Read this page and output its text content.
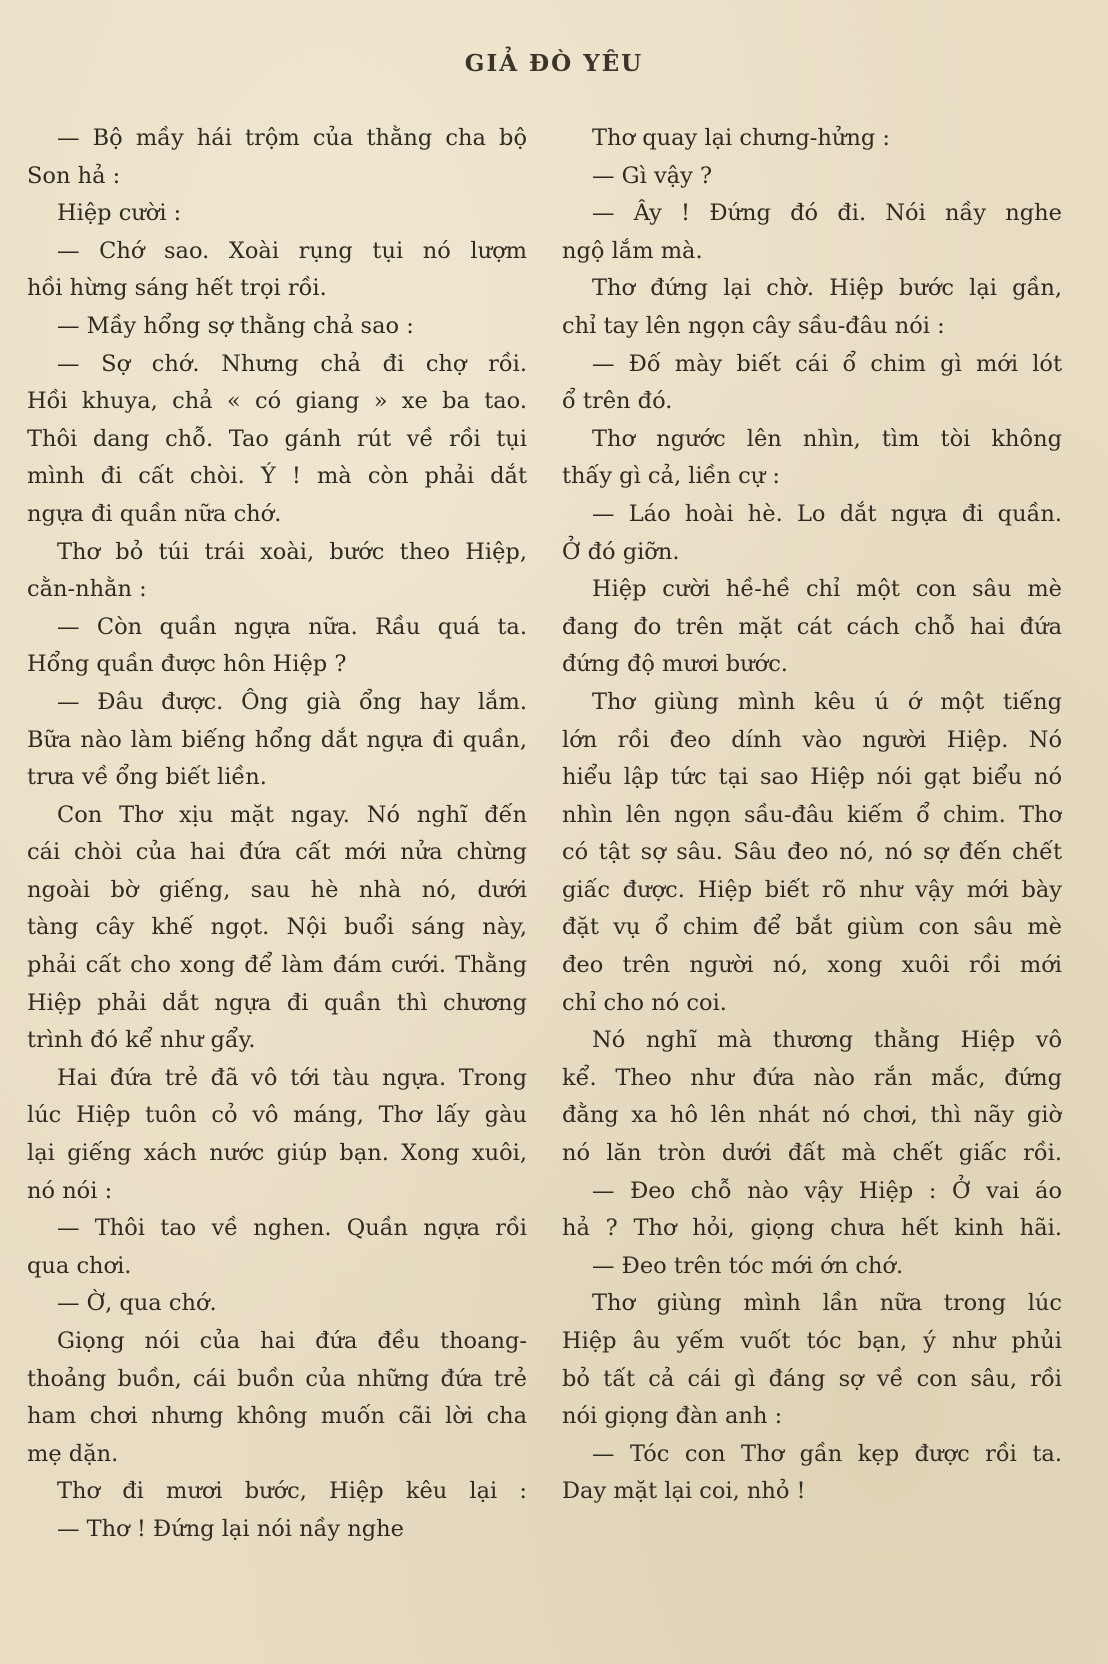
GIẢ ĐÒ YÊU
— Bộ mầy hái trộm của thằng cha bộ
Son hả :
Hiệp cười :
— Chớ sao. Xoài rụng tụi nó lượm
hồi hừng sáng hết trọi rồi.
— Mầy hổng sợ thằng chả sao :
— Sợ chớ. Nhưng chả đi chợ rồi.
Hồi khuya, chả « có giang » xe ba tao.
Thôi dang chỗ. Tao gánh rút về rồi tụi
mình đi cất chòi. Ý ! mà còn phải dắt
ngựa đi quần nữa chớ.
Thơ bỏ túi trái xoài, bước theo Hiệp,
cằn-nhằn :
— Còn quần ngựa nữa. Rầu quá ta.
Hổng quần được hôn Hiệp ?
— Đâu được. Ông già ổng hay lắm.
Bữa nào làm biếng hổng dắt ngựa đi quần,
trưa về ổng biết liền.
Con Thơ xịu mặt ngay. Nó nghĩ đến
cái chòi của hai đứa cất mới nửa chừng
ngoài bờ giếng, sau hè nhà nó, dưới
tàng cây khế ngọt. Nội buổi sáng này,
phải cất cho xong để làm đám cưới. Thằng
Hiệp phải dắt ngựa đi quần thì chương
trình đó kể như gẩy.
Hai đứa trẻ đã vô tới tàu ngựa. Trong
lúc Hiệp tuôn cỏ vô máng, Thơ lấy gàu
lại giếng xách nước giúp bạn. Xong xuôi,
nó nói :
— Thôi tao về nghen. Quần ngựa rồi
qua chơi.
— Ờ, qua chớ.
Giọng nói của hai đứa đều thoang-
thoảng buồn, cái buồn của những đứa trẻ
ham chơi nhưng không muốn cãi lời cha
mẹ dặn.
Thơ đi mươi bước, Hiệp kêu lại :
— Thơ ! Đứng lại nói nầy nghe
Thơ quay lại chưng-hửng :
— Gì vậy ?
— Ây ! Đứng đó đi. Nói nầy nghe
ngộ lắm mà.
Thơ đứng lại chờ. Hiệp bước lại gần,
chỉ tay lên ngọn cây sầu-đâu nói :
— Đố mày biết cái ổ chim gì mới lót
ổ trên đó.
Thơ ngước lên nhìn, tìm tòi không
thấy gì cả, liền cự :
— Láo hoài hè. Lo dắt ngựa đi quần.
Ở đó giỡn.
Hiệp cười hề-hề chỉ một con sâu mè
đang đo trên mặt cát cách chỗ hai đứa
đứng độ mươi bước.
Thơ giùng mình kêu ú ớ một tiếng
lớn rồi đeo dính vào người Hiệp. Nó
hiểu lập tức tại sao Hiệp nói gạt biểu nó
nhìn lên ngọn sầu-đâu kiếm ổ chim. Thơ
có tật sợ sâu. Sâu đeo nó, nó sợ đến chết
giấc được. Hiệp biết rõ như vậy mới bày
đặt vụ ổ chim để bắt giùm con sâu mè
đeo trên người nó, xong xuôi rồi mới
chỉ cho nó coi.
Nó nghĩ mà thương thằng Hiệp vô
kể. Theo như đứa nào rắn mắc, đứng
đằng xa hô lên nhát nó chơi, thì nãy giờ
nó lăn tròn dưới đất mà chết giấc rồi.
— Đeo chỗ nào vậy Hiệp : Ở vai áo
hả ? Thơ hỏi, giọng chưa hết kinh hãi.
— Đeo trên tóc mới ớn chớ.
Thơ giùng mình lần nữa trong lúc
Hiệp âu yếm vuốt tóc bạn, ý như phủi
bỏ tất cả cái gì đáng sợ về con sâu, rồi
nói giọng đàn anh :
— Tóc con Thơ gần kẹp được rồi ta.
Day mặt lại coi, nhỏ !
